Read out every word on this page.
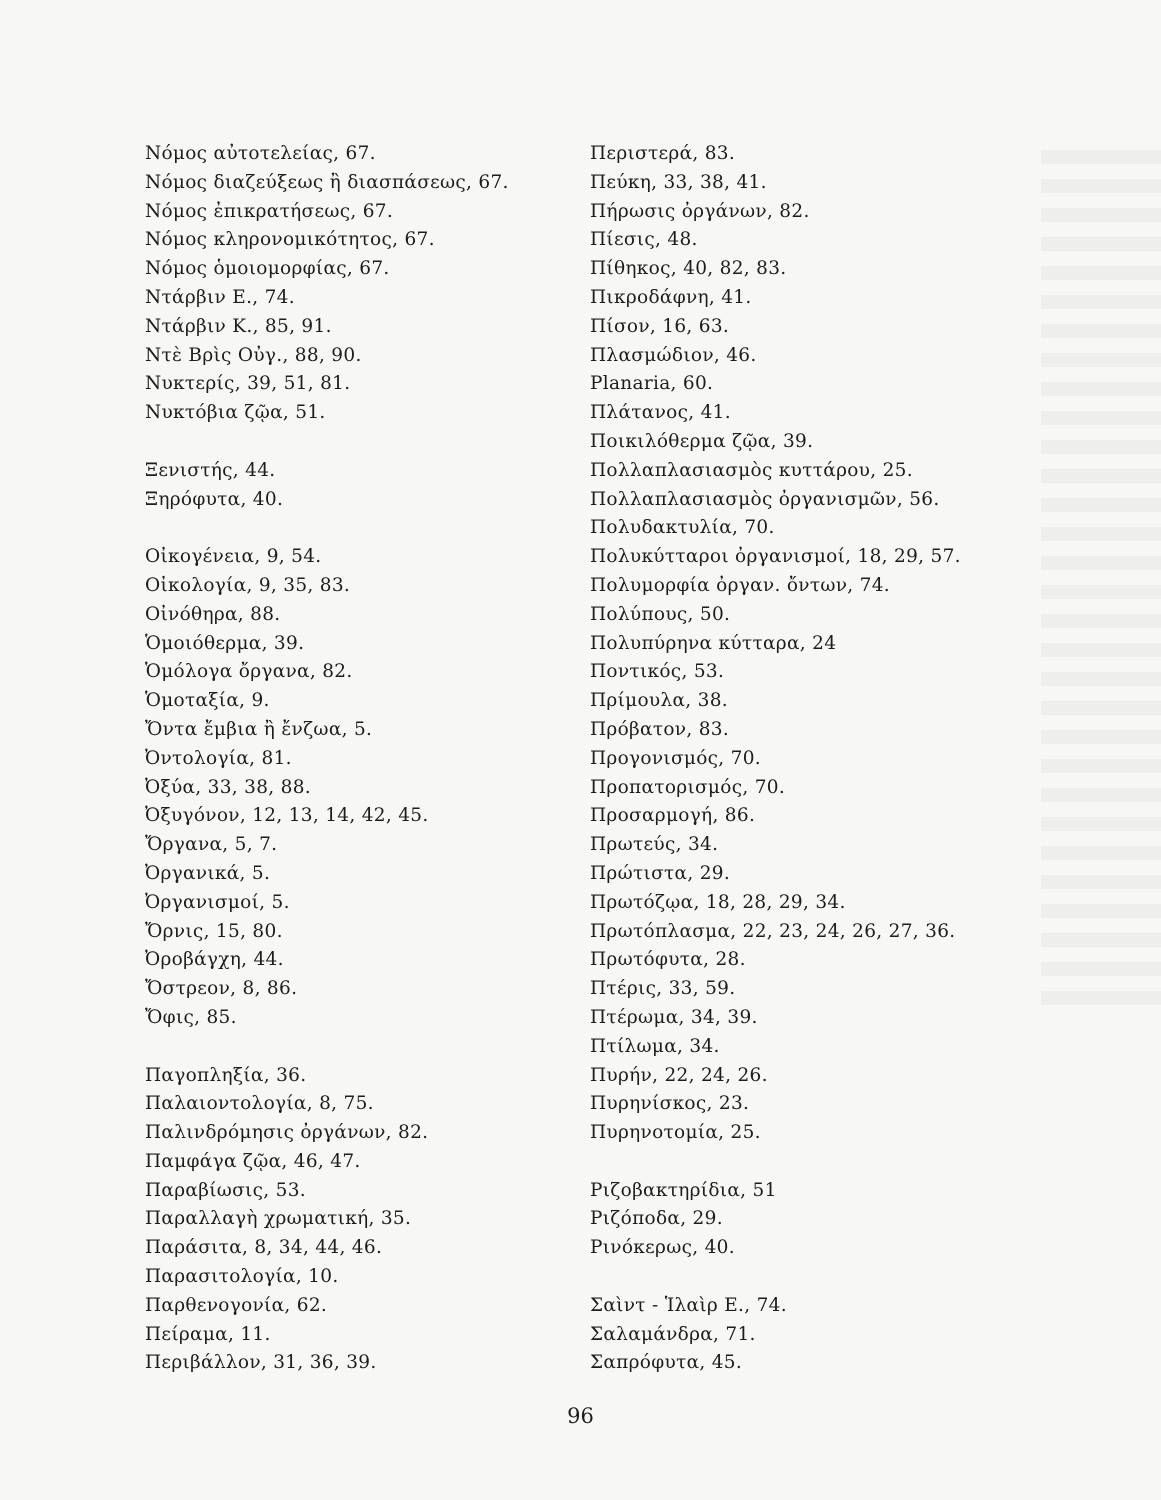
Νόμος αὐτοτελείας, 67.
Νόμος διαζεύξεως ἢ διασπάσεως, 67.
Νόμος ἐπικρατήσεως, 67.
Νόμος κληρονομικότητος, 67.
Νόμος ὁμοιομορφίας, 67.
Ντάρβιν Ε., 74.
Ντάρβιν Κ., 85, 91.
Ντὲ Βρὶς Οὐγ., 88, 90.
Νυκτερίς, 39, 51, 81.
Νυκτόβια ζῷα, 51.
Ξενιστής, 44.
Ξηρόφυτα, 40.
Οἰκογένεια, 9, 54.
Οἰκολογία, 9, 35, 83.
Οἰνόθηρα, 88.
Ὁμοιόθερμα, 39.
Ὁμόλογα ὄργανα, 82.
Ὁμοταξία, 9.
Ὄντα ἔμβια ἢ ἔνζωα, 5.
Ὀντολογία, 81.
Ὀξύα, 33, 38, 88.
Ὀξυγόνον, 12, 13, 14, 42, 45.
Ὄργανα, 5, 7.
Ὀργανικά, 5.
Ὀργανισμοί, 5.
Ὄρνις, 15, 80.
Ὀροβάγχη, 44.
Ὄστρεον, 8, 86.
Ὄφις, 85.
Παγοπληξία, 36.
Παλαιοντολογία, 8, 75.
Παλινδρόμησις ὀργάνων, 82.
Παμφάγα ζῷα, 46, 47.
Παραβίωσις, 53.
Παραλλαγὴ χρωματική, 35.
Παράσιτα, 8, 34, 44, 46.
Παρασιτολογία, 10.
Παρθενογονία, 62.
Πείραμα, 11.
Περιβάλλον, 31, 36, 39.
Περιστερά, 83.
Πεύκη, 33, 38, 41.
Πήρωσις ὀργάνων, 82.
Πίεσις, 48.
Πίθηκος, 40, 82, 83.
Πικροδάφνη, 41.
Πίσον, 16, 63.
Πλασμώδιον, 46.
Planaria, 60.
Πλάτανος, 41.
Ποικιλόθερμα ζῷα, 39.
Πολλαπλασιασμὸς κυττάρου, 25.
Πολλαπλασιασμὸς ὀργανισμῶν, 56.
Πολυδακτυλία, 70.
Πολυκύτταροι ὀργανισμοί, 18, 29, 57.
Πολυμορφία ὀργαν. ὄντων, 74.
Πολύπους, 50.
Πολυπύρηνα κύτταρα, 24
Ποντικός, 53.
Πρίμουλα, 38.
Πρόβατον, 83.
Προγονισμός, 70.
Προπατορισμός, 70.
Προσαρμογή, 86.
Πρωτεύς, 34.
Πρώτιστα, 29.
Πρωτόζῳα, 18, 28, 29, 34.
Πρωτόπλασμα, 22, 23, 24, 26, 27, 36.
Πρωτόφυτα, 28.
Πτέρις, 33, 59.
Πτέρωμα, 34, 39.
Πτίλωμα, 34.
Πυρήν, 22, 24, 26.
Πυρηνίσκος, 23.
Πυρηνοτομία, 25.
Ριζοβακτηρίδια, 51
Ριζόποδα, 29.
Ρινόκερως, 40.
Σαὶντ - Ἱλαὶρ Ε., 74.
Σαλαμάνδρα, 71.
Σαπρόφυτα, 45.
96
